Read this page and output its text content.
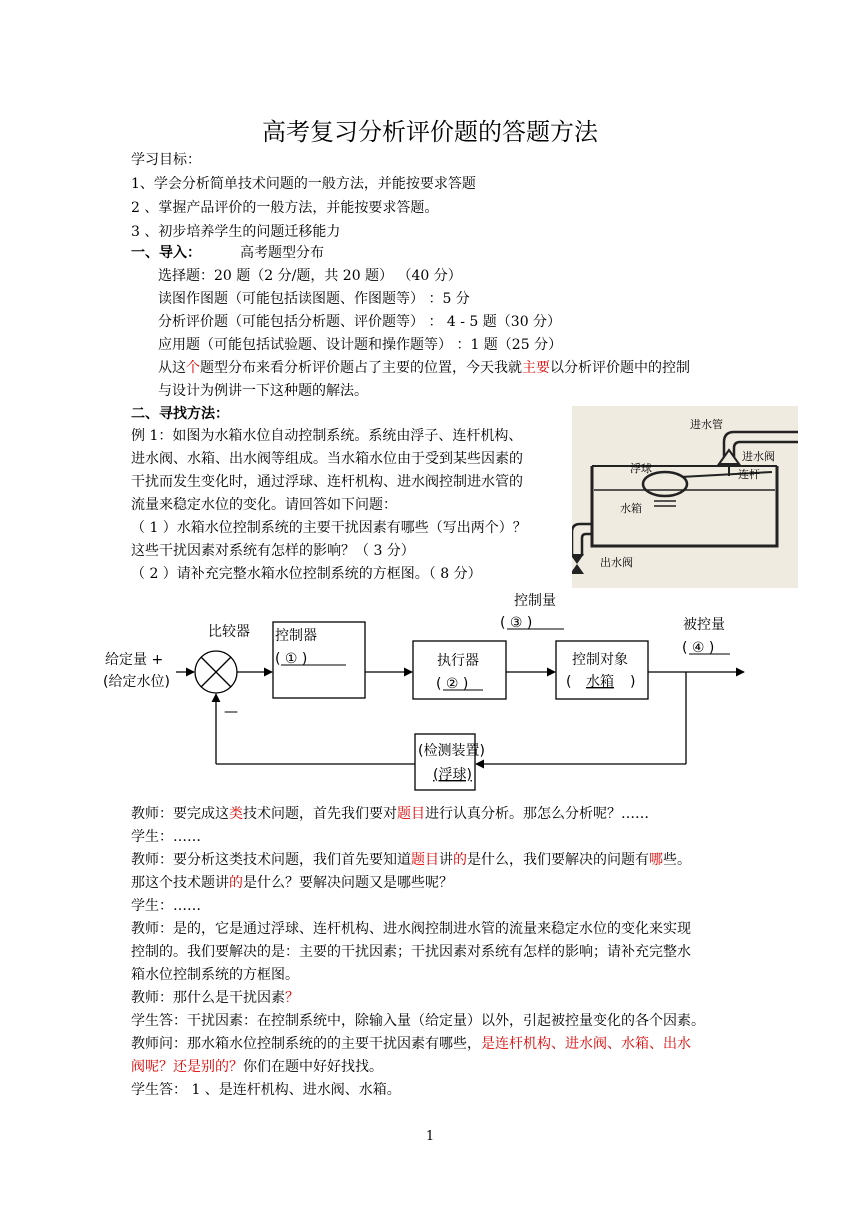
高考复习分析评价题的答题方法
学习目标：
1、学会分析简单技术问题的一般方法，并能按要求答题
2 、掌握产品评价的一般方法，并能按要求答题。
3 、初步培养学生的问题迁移能力
一、导入：	高考题型分布
选择题：20 题（2 分/题，共 20 题） （40 分）
读图作图题（可能包括读图题、作图题等） ：5 分
分析评价题（可能包括分析题、评价题等） ： 4 - 5 题（30 分）
应用题（可能包括试验题、设计题和操作题等） ：1 题（25 分）
从这个题型分布来看分析评价题占了主要的位置，今天我就主要以分析评价题中的控制
与设计为例讲一下这种题的解法。
二、寻找方法：
例 1：如图为水箱水位自动控制系统。系统由浮子、连杆机构、
进水阀、水箱、出水阀等组成。当水箱水位由于受到某些因素的
干扰而发生变化时，通过浮球、连杆机构、进水阀控制进水管的
流量来稳定水位的变化。请回答如下问题：
（ 1 ）水箱水位控制系统的主要干扰因素有哪些（写出两个）？
这些干扰因素对系统有怎样的影响？（ 3 分）
（ 2 ）请补充完整水箱水位控制系统的方框图。（ 8 分）
进水管
进水阀
浮球	连杆
水箱
出水阀
比较器
给定量 +
(给定水位)
—
控制器
( ① )	执行器
( ② )
控制量
( ③ )
控制对象
( 水箱 )
被控量
( ④ )
(检测装置)
(浮球)
教师：要完成这类技术问题，首先我们要对题目进行认真分析。那怎么分析呢？……
学生：……
教师：要分析这类技术问题，我们首先要知道题目讲的是什么，我们要解决的问题有哪些。
那这个技术题讲的是什么？要解决问题又是哪些呢？
学生：……
教师：是的，它是通过浮球、连杆机构、进水阀控制进水管的流量来稳定水位的变化来实现
控制的。我们要解决的是：主要的干扰因素；干扰因素对系统有怎样的影响；请补充完整水
箱水位控制系统的方框图。
教师：那什么是干扰因素？
学生答：干扰因素：在控制系统中，除输入量（给定量）以外，引起被控量变化的各个因素。
教师问：那水箱水位控制系统的的主要干扰因素有哪些，是连杆机构、进水阀、水箱、出水
阀呢？还是别的？你们在题中好好找找。
学生答： 1 、是连杆机构、进水阀、水箱。
1
